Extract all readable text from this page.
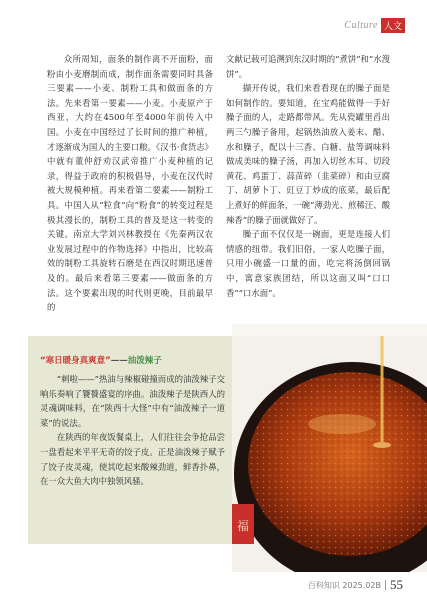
Culture 人文

众所周知，面条的制作离不开面粉，面粉由小麦磨制而成，制作面条需要同时具备三要素——小麦、制粉工具和做面条的方法。先来看第一要素——小麦。小麦原产于西亚，大约在4500年至4000年前传入中国。小麦在中国经过了长时间的推广种植，才逐渐成为国人的主要口粮。《汉书·食货志》中就有董仲舒劝汉武帝推广小麦种植的记录，得益于政府的积极倡导，小麦在汉代时被大规模种植。再来看第二要素——制粉工具。中国人从“粒食”向“粉食”的转变过程是极其漫长的，制粉工具的普及是这一转变的关键。南京大学刘兴林教授在《先秦两汉农业发展过程中的作物选择》中指出，比较高效的制粉工具旋转石磨是在西汉时期迅速普及的。最后来看第三要素——做面条的方法。这个要素出现的时代则更晚，目前最早的

文献记载可追溯到东汉时期的“煮饼”和“水溲饼”。

撷开传说，我们来看看现在的臊子面是如何制作的。要知道，在宝鸡能做得一手好臊子面的人，走路都带风。先从瓷罐里舀出两三勺臊子备用，起锅热油放入姜末、醋、水和臊子，配以十三香、白糖、盐等调味料做成美味的臊子汤，再加入切丝木耳、切段黄花、鸡蛋丁、蒜苗碎（韭菜碎）和由豆腐丁、胡萝卜丁、豇豆丁炒成的底菜，最后配上煮好的鲜面条，一碗“薄劲光、煎稀汪、酸辣香”的臊子面就做好了。

臊子面不仅仅是一碗面，更是连接人们情感的纽带。我们旧俗，一家人吃臊子面，只用小碗盛一口量的面，吃完将汤倒回锅中，寓意家族团结，所以这面又叫“口口香”“口水面”。

“寒日暖身真爽意”——油泼辣子

“刺啦——”热油与辣椒碰撞而成的油泼辣子交响乐奏响了饕餮盛宴的序曲。油泼辣子是陕西人的灵魂调味料，在“陕西十大怪”中有“油泼辣子一道菜”的说法。

在陕西的年夜饭餐桌上，人们往往会争抢品尝一盘看起来平平无奇的饺子皮。正是油泼辣子赋予了饺子皮灵魂，使其吃起来酸辣劲道，鲜香扑鼻，在一众大鱼大肉中独领风骚。

福
百科知识 2025.02B 55
